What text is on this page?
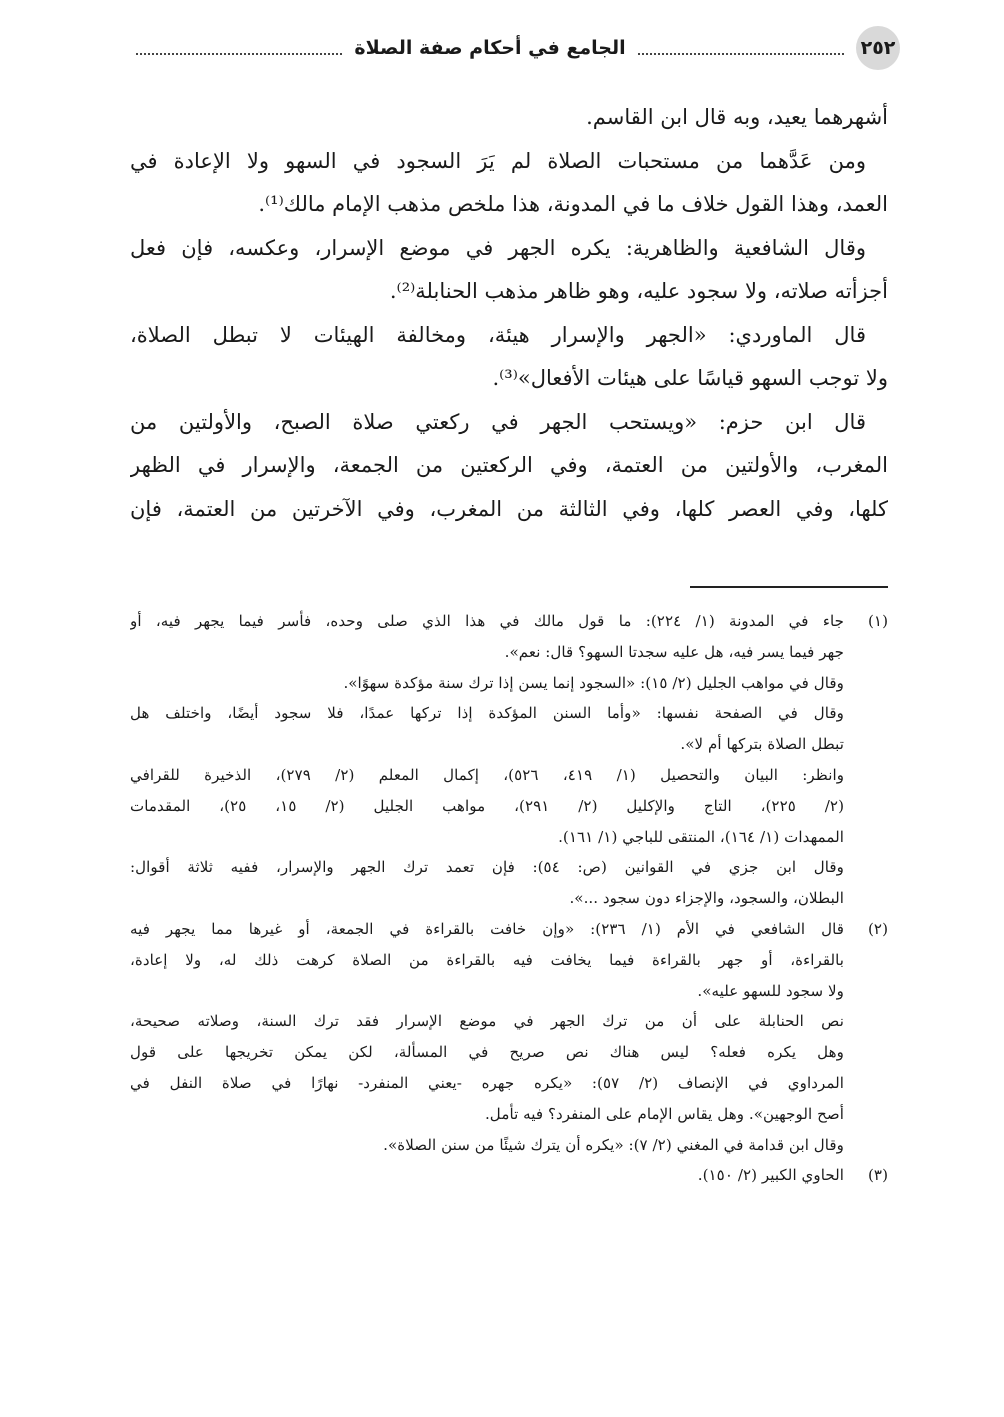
٢٥٢
الجامع في أحكام صفة الصلاة
أشهرهما يعيد، وبه قال ابن القاسم.
ومن عَدَّهما من مستحبات الصلاة لم يَرَ السجود في السهو ولا الإعادة في
العمد، وهذا القول خلاف ما في المدونة، هذا ملخص مذهب الإمام مالك⁽¹⁾.
وقال الشافعية والظاهرية: يكره الجهر في موضع الإسرار، وعكسه، فإن فعل
أجزأته صلاته، ولا سجود عليه، وهو ظاهر مذهب الحنابلة⁽²⁾.
قال الماوردي: «الجهر والإسرار هيئة، ومخالفة الهيئات لا تبطل الصلاة،
ولا توجب السهو قياسًا على هيئات الأفعال»⁽³⁾.
قال ابن حزم: «ويستحب الجهر في ركعتي صلاة الصبح، والأولتين من
المغرب، والأولتين من العتمة، وفي الركعتين من الجمعة، والإسرار في الظهر
كلها، وفي العصر كلها، وفي الثالثة من المغرب، وفي الآخرتين من العتمة، فإن
(١)جاء في المدونة (١/ ٢٢٤): ما قول مالك في هذا الذي صلى وحده، فأسر فيما يجهر فيه، أو
جهر فيما يسر فيه، هل عليه سجدتا السهو؟ قال: نعم».
وقال في مواهب الجليل (٢/ ١٥): «السجود إنما يسن إذا ترك سنة مؤكدة سهوًا».
وقال في الصفحة نفسها: «وأما السنن المؤكدة إذا تركها عمدًا، فلا سجود أيضًا، واختلف هل
تبطل الصلاة بتركها أم لا».
وانظر: البيان والتحصيل (١/ ٤١٩، ٥٢٦)، إكمال المعلم (٢/ ٢٧٩)، الذخيرة للقرافي
(٢/ ٢٢٥)، التاج والإكليل (٢/ ٢٩١)، مواهب الجليل (٢/ ١٥، ٢٥)، المقدمات
الممهدات (١/ ١٦٤)، المنتقى للباجي (١/ ١٦١).
وقال ابن جزي في القوانين (ص: ٥٤): فإن تعمد ترك الجهر والإسرار، ففيه ثلاثة أقوال:
البطلان، والسجود، والإجزاء دون سجود ...».
(٢)قال الشافعي في الأم (١/ ٢٣٦): «وإن خافت بالقراءة في الجمعة، أو غيرها مما يجهر فيه
بالقراءة، أو جهر بالقراءة فيما يخافت فيه بالقراءة من الصلاة كرهت ذلك له، ولا إعادة،
ولا سجود للسهو عليه».
نص الحنابلة على أن من ترك الجهر في موضع الإسرار فقد ترك السنة، وصلاته صحيحة،
وهل يكره فعله؟ ليس هناك نص صريح في المسألة، لكن يمكن تخريجها على قول
المرداوي في الإنصاف (٢/ ٥٧): «يكره جهره -يعني المنفرد- نهارًا في صلاة النفل في
أصح الوجهين». وهل يقاس الإمام على المنفرد؟ فيه تأمل.
وقال ابن قدامة في المغني (٢/ ٧): «يكره أن يترك شيئًا من سنن الصلاة».
(٣)الحاوي الكبير (٢/ ١٥٠).
